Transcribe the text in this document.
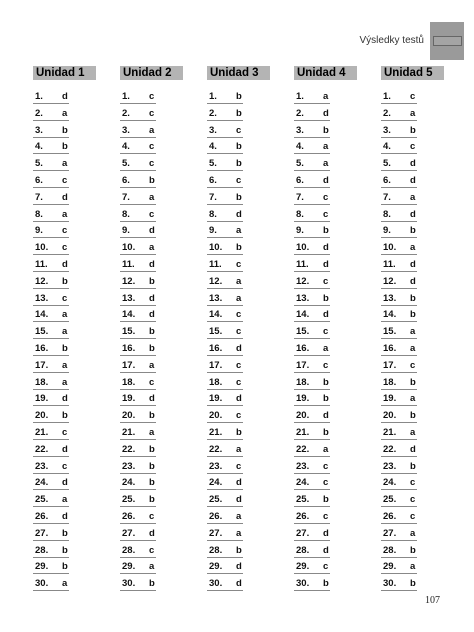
Výsledky testů
Unidad 1
1. d
2. a
3. b
4. b
5. a
6. c
7. d
8. a
9. c
10. c
11. d
12. b
13. c
14. a
15. a
16. b
17. a
18. a
19. d
20. b
21. c
22. d
23. c
24. d
25. a
26. d
27. b
28. b
29. b
30. a
Unidad 2
1. c
2. c
3. a
4. c
5. c
6. b
7. a
8. c
9. d
10. a
11. d
12. b
13. d
14. d
15. b
16. b
17. a
18. c
19. d
20. b
21. a
22. b
23. b
24. b
25. b
26. c
27. d
28. c
29. a
30. b
Unidad 3
1. b
2. b
3. c
4. b
5. b
6. c
7. b
8. d
9. a
10. b
11. c
12. a
13. a
14. c
15. c
16. d
17. c
18. c
19. d
20. c
21. b
22. a
23. c
24. d
25. d
26. a
27. a
28. b
29. d
30. d
Unidad 4
1. a
2. d
3. b
4. a
5. a
6. d
7. c
8. c
9. b
10. d
11. d
12. c
13. b
14. d
15. c
16. a
17. c
18. b
19. b
20. d
21. b
22. a
23. c
24. c
25. b
26. c
27. d
28. d
29. c
30. b
Unidad 5
1. c
2. a
3. b
4. c
5. d
6. d
7. a
8. d
9. b
10. a
11. d
12. d
13. b
14. b
15. a
16. a
17. c
18. b
19. a
20. b
21. a
22. d
23. b
24. c
25. c
26. c
27. a
28. b
29. a
30. b
107
